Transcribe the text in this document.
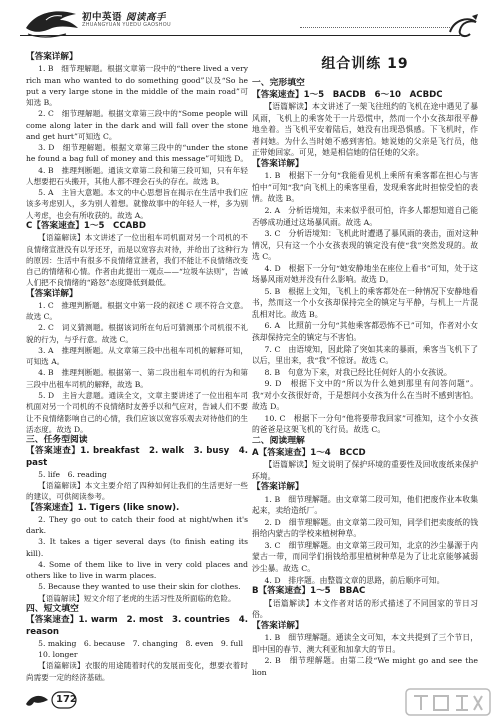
初中英语 阅读高手
ZHUANGYUAN YUEDU GAOSHOU

【答案详解】

1. B　细节理解题。根据文章第一段中的“there lived a very rich man who wanted to do something good”以及“So he put a very large stone in the middle of the main road”可知选 B。

2. C　细节理解题。根据文章第三段中的“Some people will come along later in the dark and will fall over the stone and get hurt”可知选 C。

3. D　细节理解题。根据文章第三段中的“under the stone he found a bag full of money and this message”可知选 D。

4. B　推理判断题。通读文章第二段和第三段可知，只有年轻人想要把石头搬开，其他人都不理会石头的存在。故选 B。

5. A　主旨大意题。本文的中心思想旨在揭示在生活中我们应该多考虑别人，多为别人着想。就像故事中的年轻人一样，多为别人考虑，也会有所收获的。故选 A。

C【答案速查】1～5　CCABD

【语篇解读】本文讲述了一位出租车司机面对另一个司机的不良情绪宣泄没有以牙还牙，而是以宽容去对待，并给出了这种行为的原因：生活中有很多不良情绪宣泄者，我们不能让不良情绪改变自己的情绪和心情。作者由此提出一观点——“垃圾车法则”，告诫人们把不良情绪的“路怒”态度降低到最低。

【答案详解】

1. C　推理判断题。根据文中第一段的叙述 C 项不符合文意。故选 C。

2. C　词义猜测题。根据该词所在句后可猜测那个司机很不礼貌的行为，与乎行意。故选 C。

3. A　推理判断题。从文章第三段中出租车司机的解释可知，可知选 A。

4. B　推理判断题。根据第一、第二段出租车司机的行为和第三段中出租车司机的解释，故选 B。

5. D　主旨大意题。通读全文，文章主要讲述了一位出租车司机面对另一个司机的不良情绪时友善乎以和气应对，告诫人们不要让不良情绪影响自己的心情，我们应该以宽容乐观去对待他们的生活态度。故选 D。

三、任务型阅读

【答案速查】1. breakfast　2. walk　3. busy　4. past

5. life　6. reading

【语篇解读】本文主要介绍了四种如何让我们的生活更好一些的建议，可供阅读参考。

【答案速查】1. Tigers (like snow).

2. They go out to catch their food at night/when it's dark.

3. It takes a tiger several days (to finish eating its kill).

4. Some of them like to live in very cold places and others like to live in warm places.

5. Because they wanted to use their skin for clothes.

【语篇解读】短文介绍了老虎的生活习性及所面临的危险。

四、短文填空

【答案速查】1. warm　2. most　3. countries　4. reason

5. making　6. because　7. changing　8. even　9. full

10. longer

【语篇解读】衣服的用途随着时代的发展而变化，想要衣着时尚需要一定的经济基础。

组合训练 19

一、完形填空

【答案速查】1～5　BACDB　6～10　ACBDC

【语篇解读】本文讲述了一架飞往纽约的飞机在途中遇见了暴风雨，飞机上的乘客处于一片恐慌中，然而一个小女孩却很平静地坐着。当飞机平安着陆后，她没有出现恐惧感。下飞机时，作者问她。为什么当时她不感到害怕。她说她的父亲是飞行员，他正带她回家。可见，她是相信她的信任她的父亲。

【答案详解】

1. B　根据下一分句“我能看见机上乘所有乘客都在担心与害怕中”可知“我”向飞机上的乘客里看，发现乘客此时担惊受怕的表情。故选 B。

2. A　分析语境知，未来似乎很可怕，许多人都想知道自己能否够成功通过这场暴风雨。故选 A。

3. C　分析语境知：飞机此时遭遇了暴风雨的袭击，面对这种情况，只有这一个小女孩表现的镇定没有使“我”突然发现的。故选 C。

4. D　根据下一分句“她安静地坐在座位上看书”可知，处于这场暴风雨对她并没有什么影响。故选 D。

5. B　根据上文知，飞机上的乘客都处在一种情况下安静地看书，然而这一个小女孩却保持完全的镇定与平静，与机上一片混乱相对比。故选 B。

6. A　比照前一分句“其他乘客都恐怖不已”可知，作者对小女孩却保持完全的镇定与不害怕。

7. C　由语境知，因此除了突如其来的暴雨，乘客当飞机下了以后，里出来，我“我”不惊讶。故选 C。

8. B　句意为下来，对我已经比任何好人的小女孩说。

9. D　根据下文中的“所以为什么她到那里有问答问题”。我“对小女孩很好奇，于是想问小女孩为什么在当时不感到害怕。故选 D。

10. C　根据下一分句“他将要带我回家”可推知，这个小女孩的爸爸是这架飞机的飞行员。故选 C。

二、阅读理解

A【答案速查】1～4　BCCD

【语篇解读】短文说明了保护环境的重要性及回收废纸来保护环境。

【答案详解】

1. B　细节理解题。由文章第二段可知，他们把废作业本收集起来，卖给造纸厂。

2. D　细节理解题。由文章第二段可知，同学们把卖废纸的钱捐给内蒙古的学校来植树种草。

3. C　细节理解题。由文章第三段可知，北京的沙尘暴源于内蒙古一带，而同学们捐钱给那里植树种草是为了让北京能够减弱沙尘暴。故选 C。

4. D　排序题。由整篇文章的思路，前后顺序可知。

B【答案速查】1～5　BBAC

【语篇解读】本文作者对话的形式描述了不同国家的节日习俗。

【答案详解】

1. B　细节理解题。通读全文可知，本文共提到了三个节日，即中国的春节、澳大利亚和加拿大的节日。

2. B　细节理解题。由第二段“We might go and see the lion

172
